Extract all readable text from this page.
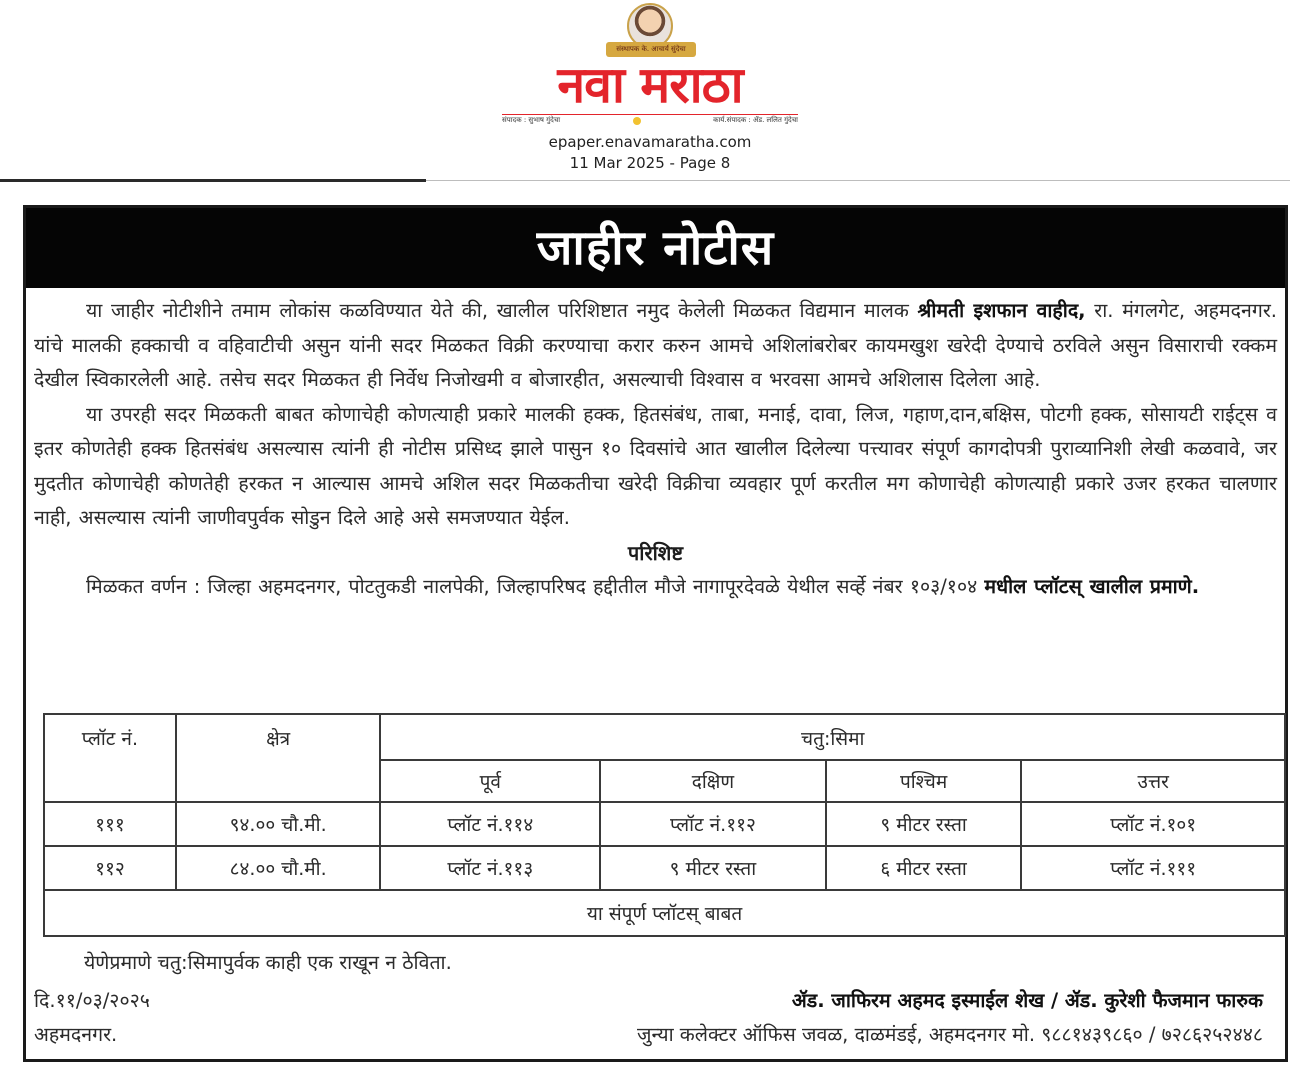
संस्थापक के. आचार्य सुंदेचा
नवा मराठा
संपादक : सुभाष गुंदेचा	कार्य.संपादक : ॲड. ललित गुंदेचा
epaper.enavamaratha.com
11 Mar 2025 - Page 8
जाहीर नोटीस

या जाहीर नोटीशीने तमाम लोकांस कळविण्यात येते की, खालील परिशिष्टात नमुद केलेली मिळकत विद्यमान मालक श्रीमती इशफान वाहीद, रा. मंगलगेट, अहमदनगर. यांचे मालकी हक्काची व वहिवाटीची असुन यांनी सदर मिळकत विक्री करण्याचा करार करुन आमचे अशिलांबरोबर कायमखुश खरेदी देण्याचे ठरविले असुन विसाराची रक्कम देखील स्विकारलेली आहे. तसेच सदर मिळकत ही निर्वेध निजोखमी व बोजारहीत, असल्याची विश्वास व भरवसा आमचे अशिलास दिलेला आहे.

या उपरही सदर मिळकती बाबत कोणाचेही कोणत्याही प्रकारे मालकी हक्क, हितसंबंध, ताबा, मनाई, दावा, लिज, गहाण,दान,बक्षिस, पोटगी हक्क, सोसायटी राईट्स व इतर कोणतेही हक्क हितसंबंध असल्यास त्यांनी ही नोटीस प्रसिध्द झाले पासुन १० दिवसांचे आत खालील दिलेल्या पत्त्यावर संपूर्ण कागदोपत्री पुराव्यानिशी लेखी कळवावे, जर मुदतीत कोणाचेही कोणतेही हरकत न आल्यास आमचे अशिल सदर मिळकतीचा खरेदी विक्रीचा व्यवहार पूर्ण करतील मग कोणाचेही कोणत्याही प्रकारे उजर हरकत चालणार नाही, असल्यास त्यांनी जाणीवपुर्वक सोडुन दिले आहे असे समजण्यात येईल.

परिशिष्ट

मिळकत वर्णन : जिल्हा अहमदनगर, पोटतुकडी नालपेकी, जिल्हापरिषद हद्दीतील मौजे नागापूरदेवळे येथील सर्व्हे नंबर १०३/१०४ मधील प्लॉटस् खालील प्रमाणे.

प्लॉट नं.	क्षेत्र	चतु:सिमा			
		पूर्व	दक्षिण	पश्चिम	उत्तर
१११	९४.०० चौ.मी.	प्लॉट नं.११४	प्लॉट नं.११२	९ मीटर रस्ता	प्लॉट नं.१०१
११२	८४.०० चौ.मी.	प्लॉट नं.११३	९ मीटर रस्ता	६ मीटर रस्ता	प्लॉट नं.१११
या संपूर्ण प्लॉटस् बाबत					
येणेप्रमाणे चतु:सिमापुर्वक काही एक राखून न ठेविता.
दि.११/०३/२०२५
अहमदनगर.
ॲड. जाफिरम अहमद इस्माईल शेख / ॲड. कुरेशी फैजमान फारुक
जुन्या कलेक्टर ऑफिस जवळ, दाळमंडई, अहमदनगर मो. ९८८१४३९८६० / ७२८६२५२४४८
